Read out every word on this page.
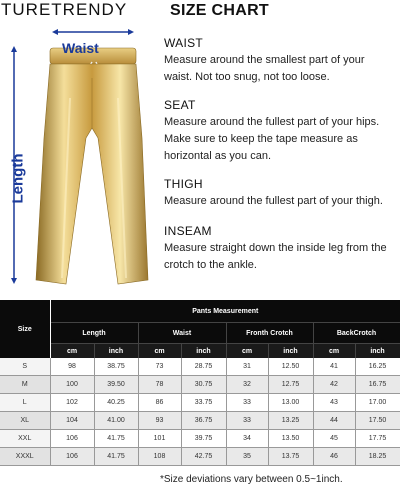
TURETRENDY	SIZE CHART
Waist
Length
WAIST

Measure around the smallest part of your waist. Not too snug, not too loose.

SEAT

Measure around the fullest part of your hips. Make sure to keep the tape measure as horizontal as you can.

THIGH

Measure around the fullest part of your thigh.

INSEAM

Measure straight down the inside leg from the crotch to the ankle.

Size	Pants Measurement							
	Length		Waist		Fronth Crotch		BackCrotch	
	cm	inch	cm	inch	cm	inch	cm	inch
S	98	38.75	73	28.75	31	12.50	41	16.25
M	100	39.50	78	30.75	32	12.75	42	16.75
L	102	40.25	86	33.75	33	13.00	43	17.00
XL	104	41.00	93	36.75	33	13.25	44	17.50
XXL	106	41.75	101	39.75	34	13.50	45	17.75
XXXL	106	41.75	108	42.75	35	13.75	46	18.25
*Size deviations vary between 0.5~1inch.
